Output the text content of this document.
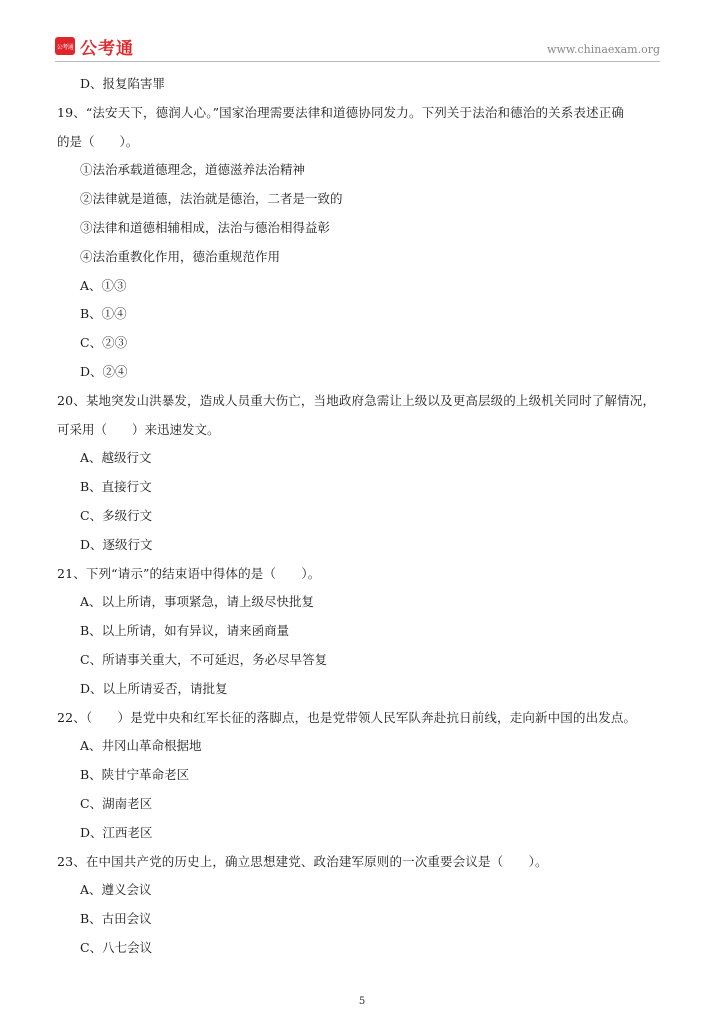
公考通 公考通	www.chinaexam.org
D、报复陷害罪
19、“法安天下，德润人心。”国家治理需要法律和道德协同发力。下列关于法治和德治的关系表述正确
的是（　　）。
①法治承载道德理念，道德滋养法治精神
②法律就是道德，法治就是德治，二者是一致的
③法律和道德相辅相成，法治与德治相得益彰
④法治重教化作用，德治重规范作用
A、①③
B、①④
C、②③
D、②④
20、某地突发山洪暴发，造成人员重大伤亡，当地政府急需让上级以及更高层级的上级机关同时了解情况，
可采用（　　）来迅速发文。
A、越级行文
B、直接行文
C、多级行文
D、逐级行文
21、下列“请示”的结束语中得体的是（　　）。
A、以上所请，事项紧急，请上级尽快批复
B、以上所请，如有异议，请来函商量
C、所请事关重大，不可延迟，务必尽早答复
D、以上所请妥否，请批复
22、（　　）是党中央和红军长征的落脚点，也是党带领人民军队奔赴抗日前线，走向新中国的出发点。
A、井冈山革命根据地
B、陕甘宁革命老区
C、湖南老区
D、江西老区
23、在中国共产党的历史上，确立思想建党、政治建军原则的一次重要会议是（　　）。
A、遵义会议
B、古田会议
C、八七会议
5
